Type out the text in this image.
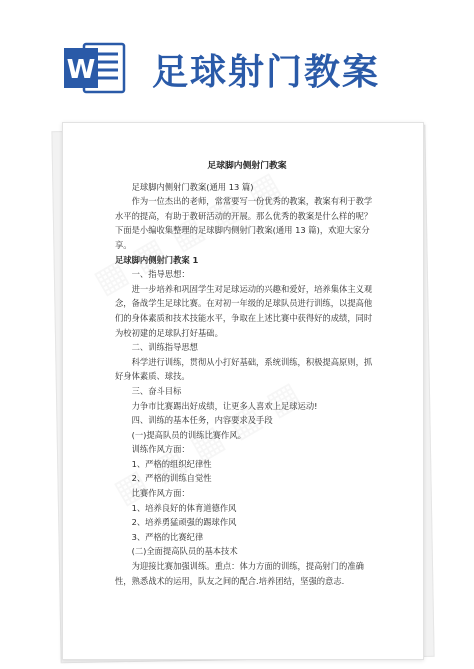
W 足球射门教案
足球脚内侧射门教案

足球脚内侧射门教案(通用 13 篇)

作为一位杰出的老师，常常要写一份优秀的教案，教案有利于教学水平的提高，有助于教研活动的开展。那么优秀的教案是什么样的呢？下面是小编收集整理的足球脚内侧射门教案(通用 13 篇)，欢迎大家分享。

足球脚内侧射门教案 1

一、指导思想：

进一步培养和巩固学生对足球运动的兴趣和爱好，培养集体主义观念，备战学生足球比赛。在对初一年级的足球队员进行训练，以提高他们的身体素质和技术技能水平，争取在上述比赛中获得好的成绩，同时为校初建的足球队打好基础。

二、训练指导思想

科学进行训练，贯彻从小打好基础，系统训练，积极提高原则，抓好身体素质、球技。

三、奋斗目标

力争市比赛踢出好成绩，让更多人喜欢上足球运动!

四、训练的基本任务，内容要求及手段

(一)提高队员的训练比赛作风。

训练作风方面：

1、严格的组织纪律性

2、严格的训练自觉性

比赛作风方面：

1、培养良好的体育道德作风

2、培养勇猛顽强的踢球作风

3、严格的比赛纪律

(二)全面提高队员的基本技术

为迎接比赛加强训练。重点：体力方面的训练，提高射门的准确性，熟悉战术的运用，队友之间的配合.培养团结，坚强的意志.
